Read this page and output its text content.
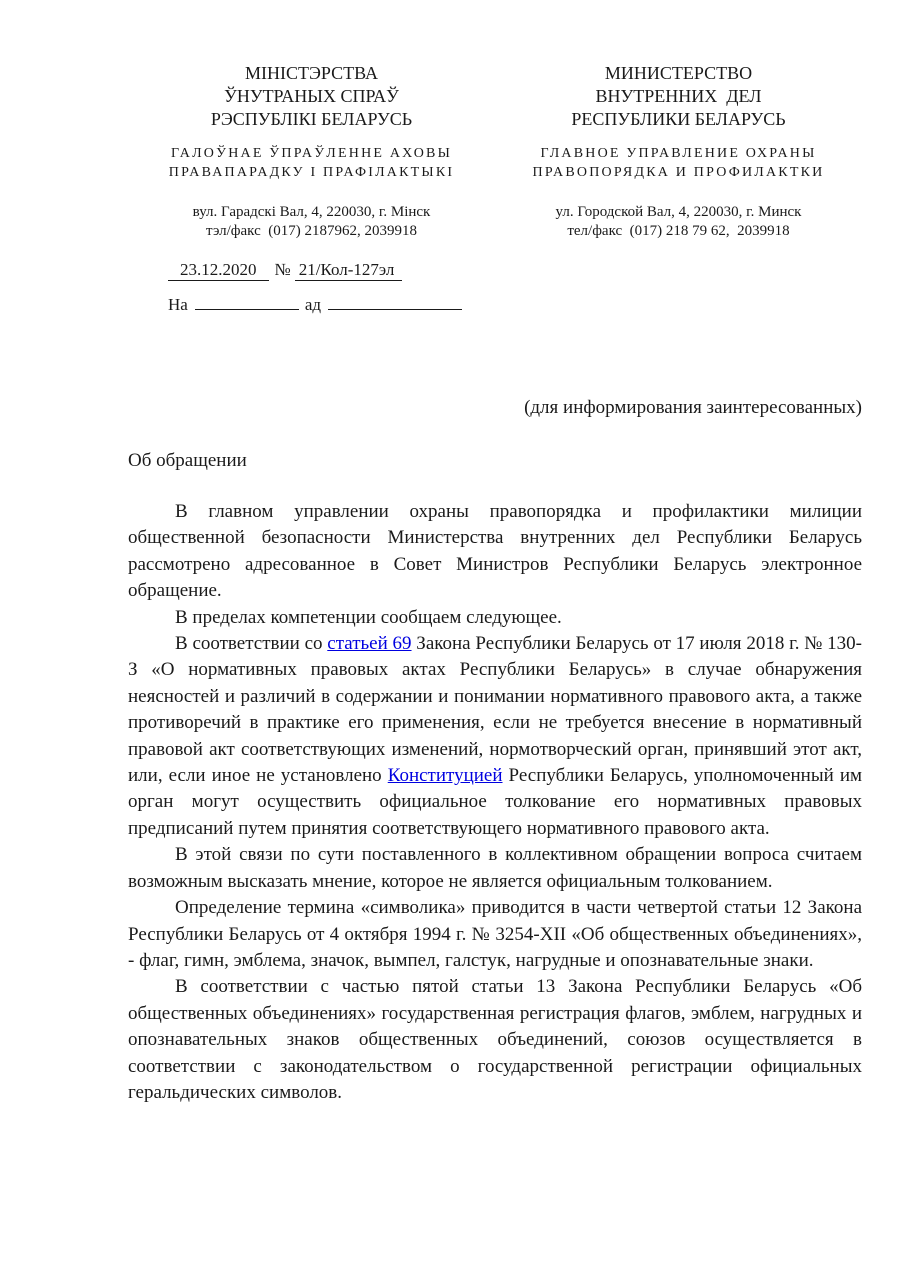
МІНІСТЭРСТВА
ЎНУТРАНЫХ СПРАЎ
РЭСПУБЛІКІ БЕЛАРУСЬ
ГАЛОЎНАЕ ЎПРАЎЛЕННЕ АХОВЫ
ПРАВАПАРАДКУ І ПРАФІЛАКТЫКІ
вул. Гарадскі Вал, 4, 220030, г. Мінск
тэл/факс  (017) 2187962, 2039918
МИНИСТЕРСТВО
ВНУТРЕННИХ  ДЕЛ
РЕСПУБЛИКИ БЕЛАРУСЬ
ГЛАВНОЕ УПРАВЛЕНИЕ ОХРАНЫ
ПРАВОПОРЯДКА И ПРОФИЛАКТКИ
ул. Городской Вал, 4, 220030, г. Минск
тел/факс  (017) 218 79 62,  2039918
23.12.2020 № 21/Кол-127эл
На	ад
(для информирования заинтересованных)
Об обращении

В главном управлении охраны правопорядка и профилактики милиции общественной безопасности Министерства внутренних дел Республики Беларусь рассмотрено адресованное в Совет Министров Республики Беларусь электронное обращение.

В пределах компетенции сообщаем следующее.

В соответствии со статьей 69 Закона Республики Беларусь от 17 июля 2018 г. № 130-З «О нормативных правовых актах Республики Беларусь» в случае обнаружения неясностей и различий в содержании и понимании нормативного правового акта, а также противоречий в практике его применения, если не требуется внесение в нормативный правовой акт соответствующих изменений, нормотворческий орган, принявший этот акт, или, если иное не установлено Конституцией Республики Беларусь, уполномоченный им орган могут осуществить официальное толкование его нормативных правовых предписаний путем принятия соответствующего нормативного правового акта.

В этой связи по сути поставленного в коллективном обращении вопроса считаем возможным высказать мнение, которое не является официальным толкованием.

Определение термина «символика» приводится в части четвертой статьи 12 Закона Республики Беларусь от 4 октября 1994 г. № 3254-XII «Об общественных объединениях», - флаг, гимн, эмблема, значок, вымпел, галстук, нагрудные и опознавательные знаки.

В соответствии с частью пятой статьи 13 Закона Республики Беларусь «Об общественных объединениях» государственная регистрация флагов, эмблем, нагрудных и опознавательных знаков общественных объединений, союзов осуществляется в соответствии с законодательством о государственной регистрации официальных геральдических символов.
